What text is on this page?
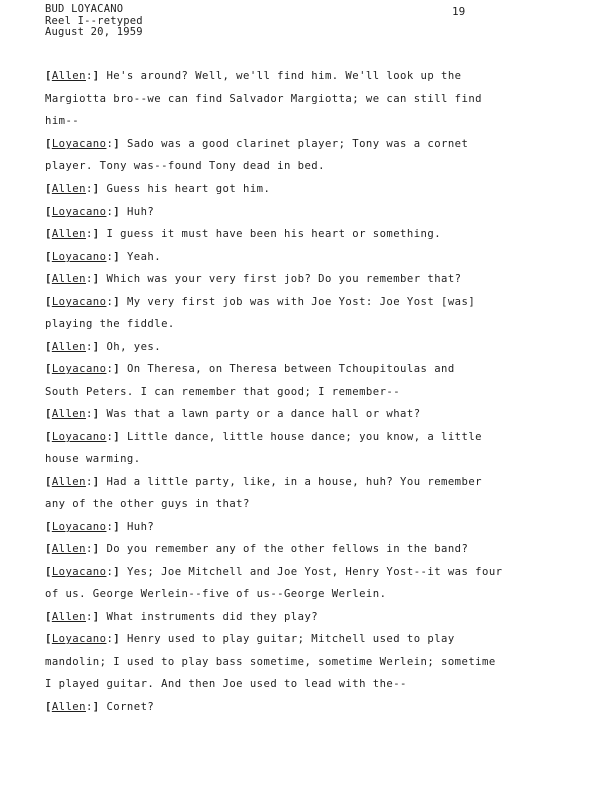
BUD LOYACANO
Reel I--retyped
August 20, 1959
19
[Allen:] He's around? Well, we'll find him. We'll look up the
Margiotta bro--we can find Salvador Margiotta; we can still find
him--
[Loyacano:] Sado was a good clarinet player; Tony was a cornet
player. Tony was--found Tony dead in bed.
[Allen:] Guess his heart got him.
[Loyacano:] Huh?
[Allen:] I guess it must have been his heart or something.
[Loyacano:] Yeah.
[Allen:] Which was your very first job? Do you remember that?
[Loyacano:] My very first job was with Joe Yost: Joe Yost [was]
playing the fiddle.
[Allen:] Oh, yes.
[Loyacano:] On Theresa, on Theresa between Tchoupitoulas and
South Peters. I can remember that good; I remember--
[Allen:] Was that a lawn party or a dance hall or what?
[Loyacano:] Little dance, little house dance; you know, a little
house warming.
[Allen:] Had a little party, like, in a house, huh? You remember
any of the other guys in that?
[Loyacano:] Huh?
[Allen:] Do you remember any of the other fellows in the band?
[Loyacano:] Yes; Joe Mitchell and Joe Yost, Henry Yost--it was four
of us. George Werlein--five of us--George Werlein.
[Allen:] What instruments did they play?
[Loyacano:] Henry used to play guitar; Mitchell used to play
mandolin; I used to play bass sometime, sometime Werlein; sometime
I played guitar. And then Joe used to lead with the--
[Allen:] Cornet?
